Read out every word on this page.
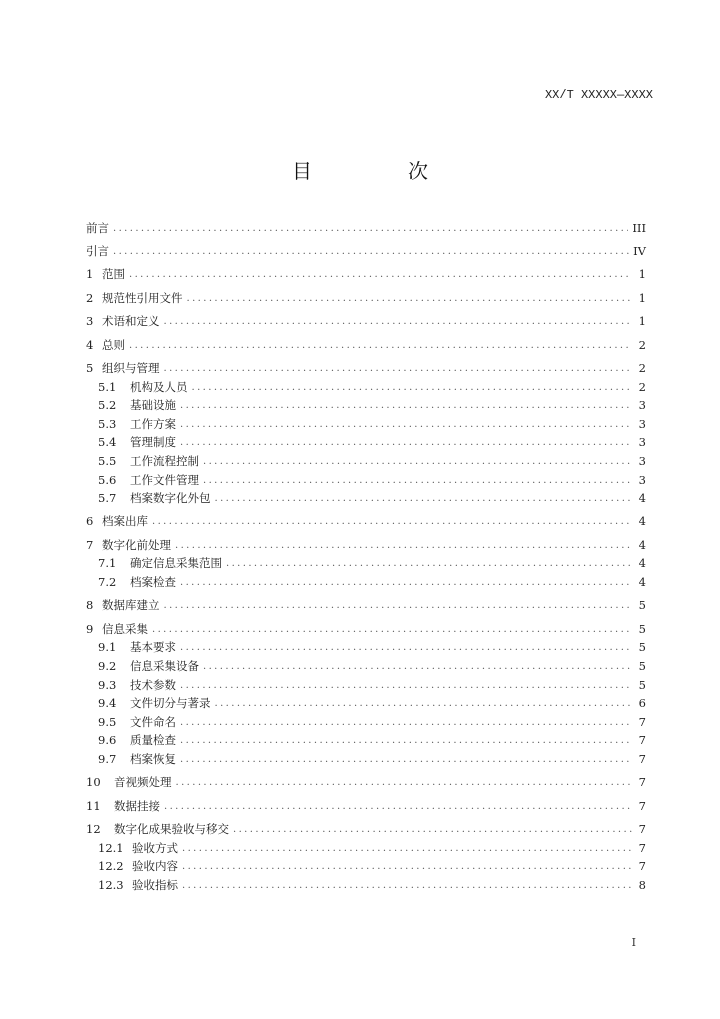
XX/T XXXXX—XXXX
目　次
前言 .....	III
引言 .....	IV
1 范围 .....	1
2 规范性引用文件 .....	1
3 术语和定义 .....	1
4 总则 .....	2
5 组织与管理 .....	2
5.1	机构及人员 .....	2
5.2	基础设施 .....	3
5.3	工作方案 .....	3
5.4	管理制度 .....	3
5.5	工作流程控制 .....	3
5.6	工作文件管理 .....	3
5.7	档案数字化外包 .....	4
6 档案出库 .....	4
7 数字化前处理 .....	4
7.1	确定信息采集范围 .....	4
7.2	档案检查 .....	4
8 数据库建立 .....	5
9 信息采集 .....	5
9.1	基本要求 .....	5
9.2	信息采集设备 .....	5
9.3	技术参数 .....	5
9.4	文件切分与著录 .....	6
9.5	文件命名 .....	7
9.6	质量检查 .....	7
9.7	档案恢复 .....	7
10	音视频处理 .....	7
11	数据挂接 .....	7
12	数字化成果验收与移交 .....	7
12.1 验收方式 .....	7
12.2 验收内容 .....	7
12.3 验收指标 .....	8
I
